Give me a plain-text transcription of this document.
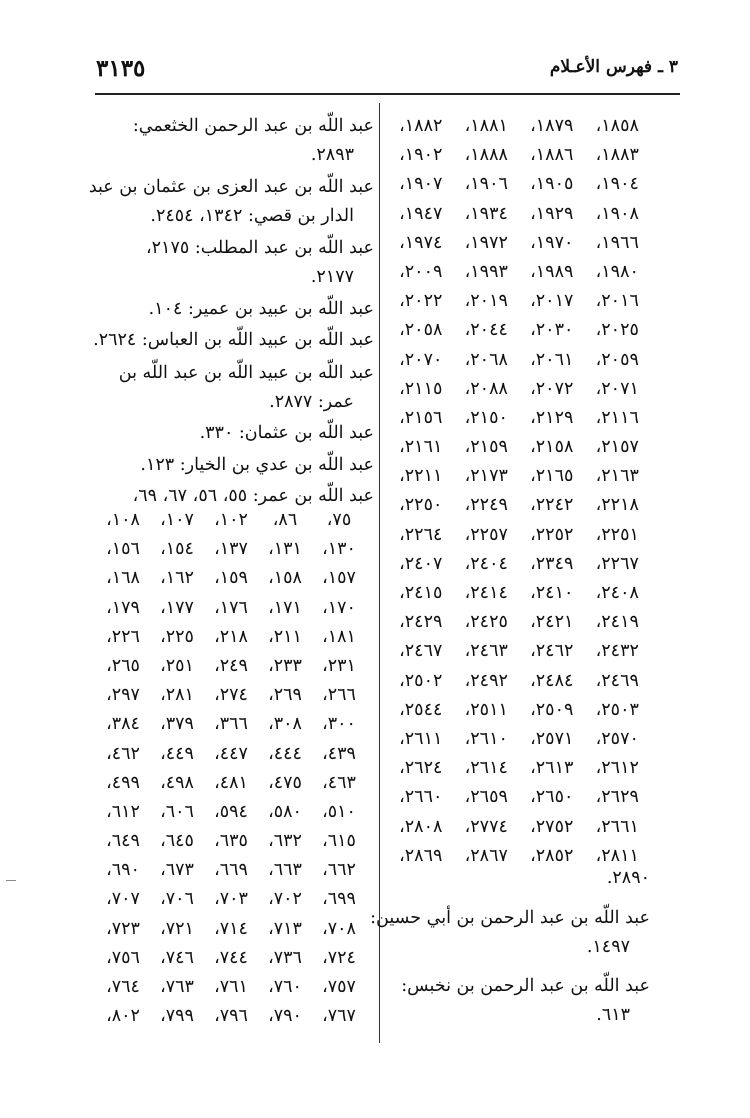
٣١٣٥	٣ ـ فهرس الأعـلام
عبد اللّه بن عبد الرحمن الخثعمي:
٢٨٩٣.
عبد اللّه بن عبد العزى بن عثمان بن عبد
الدار بن قصي: ١٣٤٢، ٢٤٥٤.
عبد اللّه بن عبد المطلب: ٢١٧٥،
٢١٧٧.
عبد اللّه بن عبيد بن عمير: ١٠٤.
عبد اللّه بن عبيد اللّه بن العباس: ٢٦٢٤.
عبد اللّه بن عبيد اللّه بن عبد اللّه بن
عمر: ٢٨٧٧.
عبد اللّه بن عثمان: ٣٣٠.
عبد اللّه بن عدي بن الخيار: ١٢٣.
عبد اللّه بن عمر: ٥٥، ٥٦، ٦٧، ٦٩،
٧٥،
٨٦،
١٠٢،
١٠٧،
١٠٨،
١٣٠،
١٣١،
١٣٧،
١٥٤،
١٥٦،
١٥٧،
١٥٨،
١٥٩،
١٦٢،
١٦٨،
١٧٠،
١٧١،
١٧٦،
١٧٧،
١٧٩،
١٨١،
٢١١،
٢١٨،
٢٢٥،
٢٢٦،
٢٣١،
٢٣٣،
٢٤٩،
٢٥١،
٢٦٥،
٢٦٦،
٢٦٩،
٢٧٤،
٢٨١،
٢٩٧،
٣٠٠،
٣٠٨،
٣٦٦،
٣٧٩،
٣٨٤،
٤٣٩،
٤٤٤،
٤٤٧،
٤٤٩،
٤٦٢،
٤٦٣،
٤٧٥،
٤٨١،
٤٩٨،
٤٩٩،
٥١٠،
٥٨٠،
٥٩٤،
٦٠٦،
٦١٢،
٦١٥،
٦٣٢،
٦٣٥،
٦٤٥،
٦٤٩،
٦٦٢،
٦٦٣،
٦٦٩،
٦٧٣،
٦٩٠،
٦٩٩،
٧٠٢،
٧٠٣،
٧٠٦،
٧٠٧،
٧٠٨،
٧١٣،
٧١٤،
٧٢١،
٧٢٣،
٧٢٤،
٧٣٦،
٧٤٤،
٧٤٦،
٧٥٦،
٧٥٧،
٧٦٠،
٧٦١،
٧٦٣،
٧٦٤،
٧٦٧،
٧٩٠،
٧٩٦،
٧٩٩،
٨٠٢،
١٨٥٨،
١٨٧٩،
١٨٨١،
١٨٨٢،
١٨٨٣،
١٨٨٦،
١٨٨٨،
١٩٠٢،
١٩٠٤،
١٩٠٥،
١٩٠٦،
١٩٠٧،
١٩٠٨،
١٩٢٩،
١٩٣٤،
١٩٤٧،
١٩٦٦،
١٩٧٠،
١٩٧٢،
١٩٧٤،
١٩٨٠،
١٩٨٩،
١٩٩٣،
٢٠٠٩،
٢٠١٦،
٢٠١٧،
٢٠١٩،
٢٠٢٢،
٢٠٢٥،
٢٠٣٠،
٢٠٤٤،
٢٠٥٨،
٢٠٥٩،
٢٠٦١،
٢٠٦٨،
٢٠٧٠،
٢٠٧١،
٢٠٧٢،
٢٠٨٨،
٢١١٥،
٢١١٦،
٢١٢٩،
٢١٥٠،
٢١٥٦،
٢١٥٧،
٢١٥٨،
٢١٥٩،
٢١٦١،
٢١٦٣،
٢١٦٥،
٢١٧٣،
٢٢١١،
٢٢١٨،
٢٢٤٢،
٢٢٤٩،
٢٢٥٠،
٢٢٥١،
٢٢٥٢،
٢٢٥٧،
٢٢٦٤،
٢٢٦٧،
٢٣٤٩،
٢٤٠٤،
٢٤٠٧،
٢٤٠٨،
٢٤١٠،
٢٤١٤،
٢٤١٥،
٢٤١٩،
٢٤٢١،
٢٤٢٥،
٢٤٢٩،
٢٤٣٢،
٢٤٦٢،
٢٤٦٣،
٢٤٦٧،
٢٤٦٩،
٢٤٨٤،
٢٤٩٢،
٢٥٠٢،
٢٥٠٣،
٢٥٠٩،
٢٥١١،
٢٥٤٤،
٢٥٧٠،
٢٥٧١،
٢٦١٠،
٢٦١١،
٢٦١٢،
٢٦١٣،
٢٦١٤،
٢٦٢٤،
٢٦٢٩،
٢٦٥٠،
٢٦٥٩،
٢٦٦٠،
٢٦٦١،
٢٧٥٢،
٢٧٧٤،
٢٨٠٨،
٢٨١١،
٢٨٥٢،
٢٨٦٧،
٢٨٦٩،
٢٨٩٠.
عبد اللّه بن عبد الرحمن بن أبي حسين:
١٤٩٧.
عبد اللّه بن عبد الرحمن بن نخبس:
٦١٣.
